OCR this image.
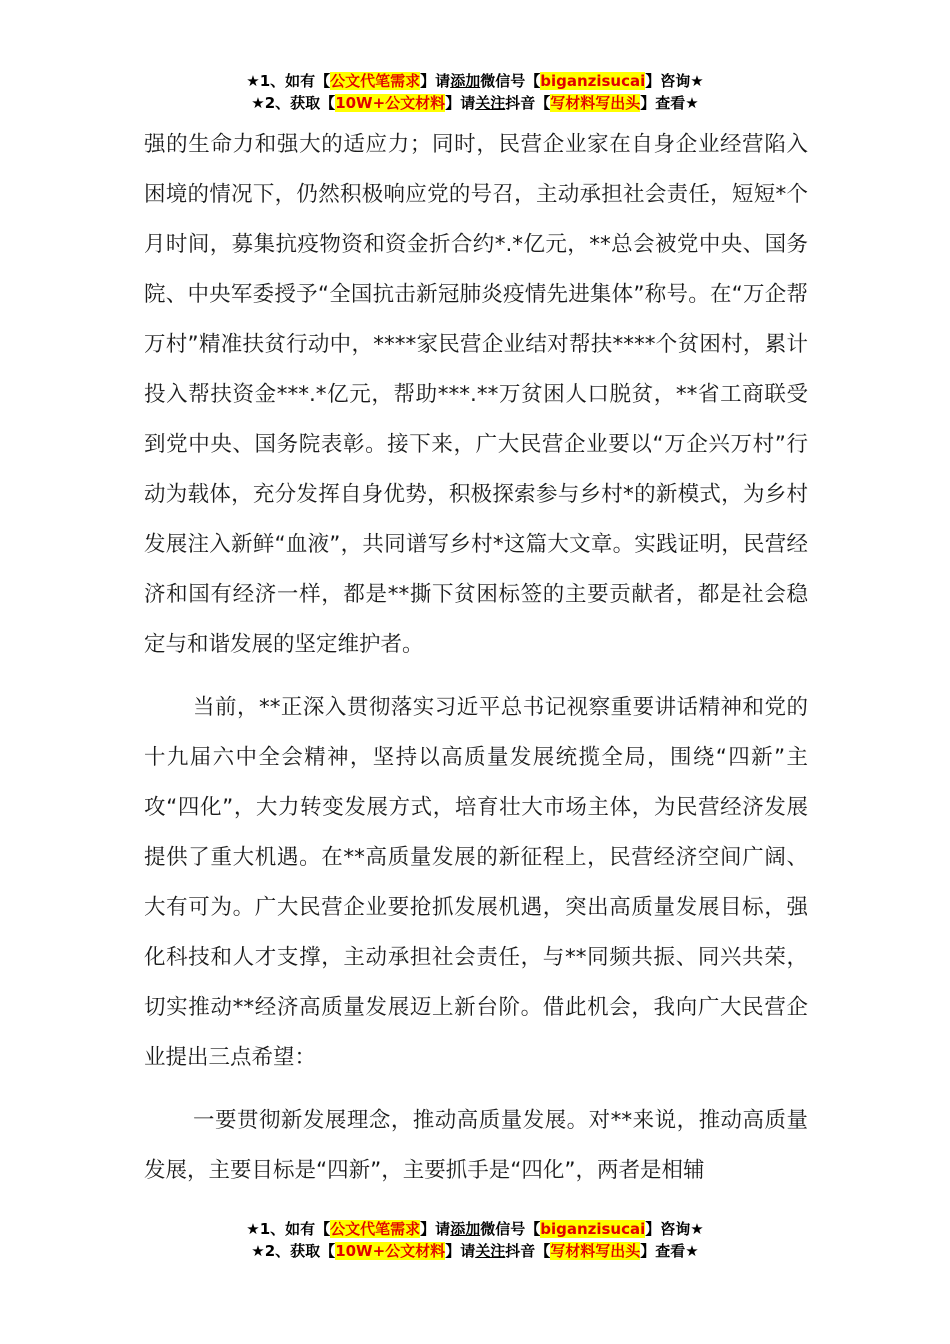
★1、如有【公文代笔需求】请添加微信号【biganzisucai】咨询★
★2、获取【10W+公文材料】请关注抖音【写材料写出头】查看★

强的生命力和强大的适应力；同时，民营企业家在自身企业经营陷入困境的情况下，仍然积极响应党的号召，主动承担社会责任，短短*个月时间，募集抗疫物资和资金折合约*.*亿元，**总会被党中央、国务院、中央军委授予“全国抗击新冠肺炎疫情先进集体”称号。在“万企帮万村”精准扶贫行动中，****家民营企业结对帮扶****个贫困村，累计投入帮扶资金***.*亿元，帮助***.**万贫困人口脱贫，**省工商联受到党中央、国务院表彰。接下来，广大民营企业要以“万企兴万村”行动为载体，充分发挥自身优势，积极探索参与乡村*的新模式，为乡村发展注入新鲜“血液”，共同谱写乡村*这篇大文章。实践证明，民营经济和国有经济一样，都是**撕下贫困标签的主要贡献者，都是社会稳定与和谐发展的坚定维护者。

当前，**正深入贯彻落实习近平总书记视察重要讲话精神和党的十九届六中全会精神，坚持以高质量发展统揽全局，围绕“四新”主攻“四化”，大力转变发展方式，培育壮大市场主体，为民营经济发展提供了重大机遇。在**高质量发展的新征程上，民营经济空间广阔、大有可为。广大民营企业要抢抓发展机遇，突出高质量发展目标，强化科技和人才支撑，主动承担社会责任，与**同频共振、同兴共荣，切实推动**经济高质量发展迈上新台阶。借此机会，我向广大民营企业提出三点希望：

一要贯彻新发展理念，推动高质量发展。对**来说，推动高质量发展，主要目标是“四新”，主要抓手是“四化”，两者是相辅

★1、如有【公文代笔需求】请添加微信号【biganzisucai】咨询★
★2、获取【10W+公文材料】请关注抖音【写材料写出头】查看★
